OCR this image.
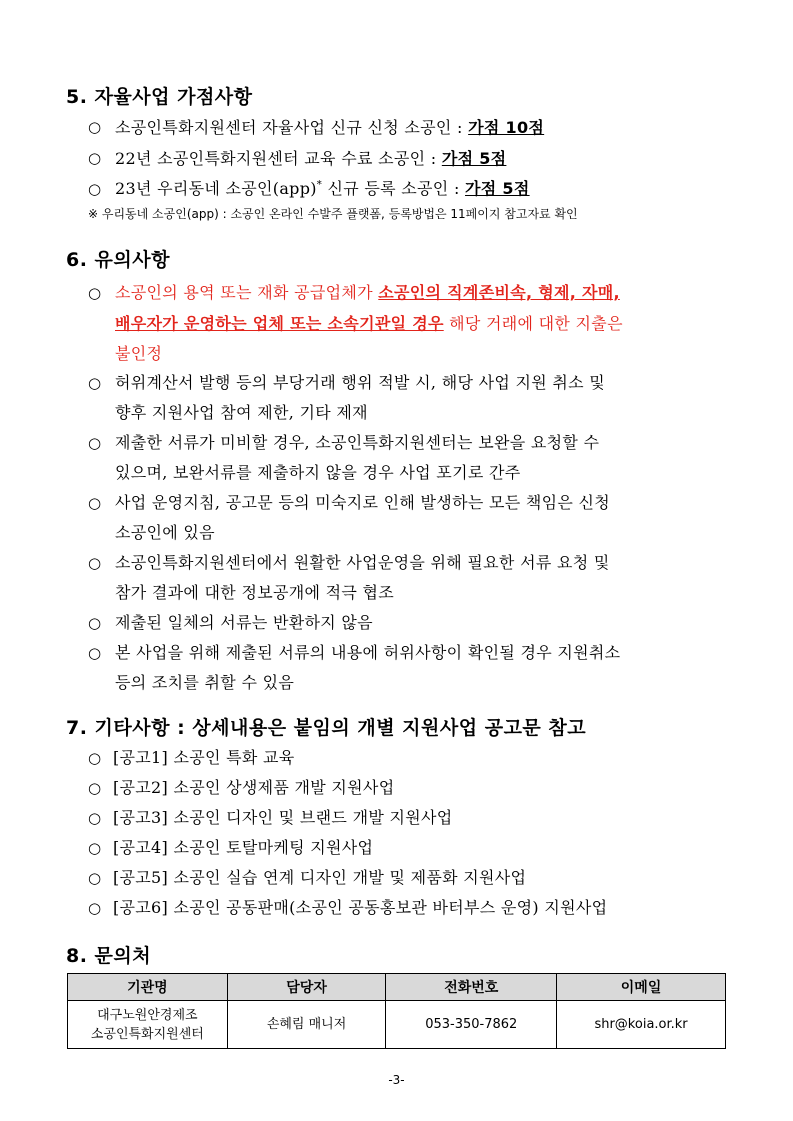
5. 자율사업 가점사항
○ 소공인특화지원센터 자율사업 신규 신청 소공인 : 가점 10점

○ 22년 소공인특화지원센터 교육 수료 소공인 : 가점 5점

○ 23년 우리동네 소공인(app)* 신규 등록 소공인 : 가점 5점

※ 우리동네 소공인(app) : 소공인 온라인 수발주 플랫폼, 등록방법은 11페이지 참고자료 확인
6. 유의사항
○ 소공인의 용역 또는 재화 공급업체가 소공인의 직계존비속, 형제, 자매,

배우자가 운영하는 업체 또는 소속기관일 경우 해당 거래에 대한 지출은

불인정

○ 허위계산서 발행 등의 부당거래 행위 적발 시, 해당 사업 지원 취소 및

향후 지원사업 참여 제한, 기타 제재

○ 제출한 서류가 미비할 경우, 소공인특화지원센터는 보완을 요청할 수

있으며, 보완서류를 제출하지 않을 경우 사업 포기로 간주

○ 사업 운영지침, 공고문 등의 미숙지로 인해 발생하는 모든 책임은 신청

소공인에 있음

○ 소공인특화지원센터에서 원활한 사업운영을 위해 필요한 서류 요청 및

참가 결과에 대한 정보공개에 적극 협조

○ 제출된 일체의 서류는 반환하지 않음

○ 본 사업을 위해 제출된 서류의 내용에 허위사항이 확인될 경우 지원취소

등의 조치를 취할 수 있음

7. 기타사항 : 상세내용은 붙임의 개별 지원사업 공고문 참고
○ [공고1] 소공인 특화 교육

○ [공고2] 소공인 상생제품 개발 지원사업

○ [공고3] 소공인 디자인 및 브랜드 개발 지원사업

○ [공고4] 소공인 토탈마케팅 지원사업

○ [공고5] 소공인 실습 연계 디자인 개발 및 제품화 지원사업

○ [공고6] 소공인 공동판매(소공인 공동홍보관 바터부스 운영) 지원사업

8. 문의처
기관명	담당자	전화번호	이메일
대구노원안경제조
소공인특화지원센터	손혜림 매니저	053-350-7862	shr@koia.or.kr
-3-
